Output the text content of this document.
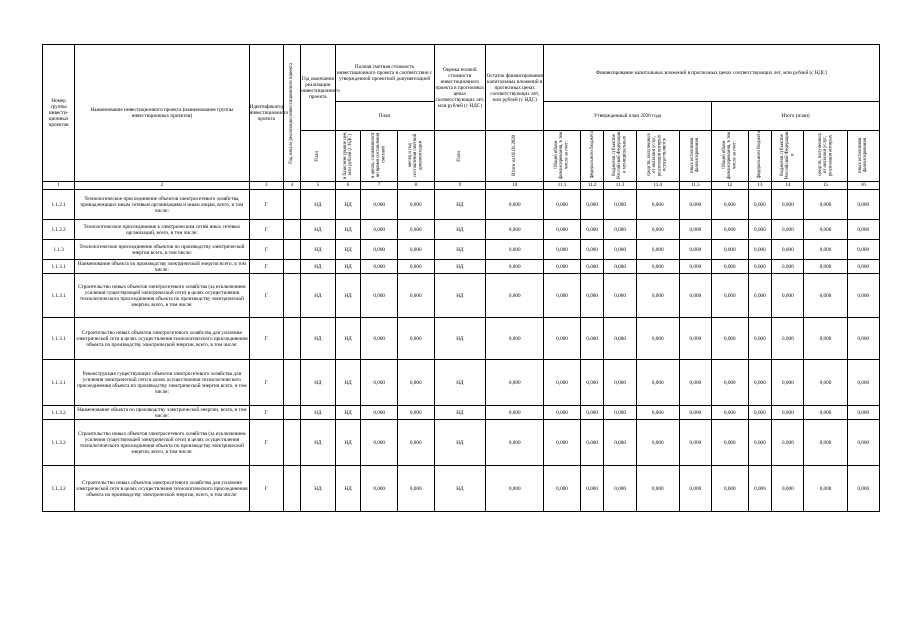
Номер группы инвести-ционных проектов	Наименование инвестиционного проекта (наименование группы инвестиционных проектов)	Идентификатор инвестиционного проекта	Год начала реализации инвестиционного проекта	Год окончания реализации инвестиционного проекта	Полная сметная стоимость инвестиционного проекта в соответствии с утвержденной проектной документацией			Оценка полной стоимости инвестиционного проекта в прогнозных ценах соответствующих лет, млн рублей (с НДС)	Остаток финансирования капитальных вложений в прогнозных ценах соответствующих лет, млн рублей (с НДС)	Финансирование капитальных вложений в прогнозных ценах соответствующих лет, млн рублей (с НДС)									
					План					Утвержденный план 2020 года					Итого (план)				

				План	в базисном уровне цен, млн рублей (с НДС)	в ценах, сложившихся во время составления сметной	месяц и год составления сметной документации	План	Итого на 01.01.2020	Общий объем финансирования, в том числе за счет:	федерального бюджета	бюджетов субъектов Российской Федерации и муниципальных	средств, полученных от оказания услуг, реализация которых осуществляется	иных источников финансирования	Общий объем финансирования, в том числе за счет:	федерального бюджета	бюджетов субъектов Российской Федерации и	средств, полученных от оказания услуг, реализация которых	иных источников финансирования
1	2	3	4	5	6	7	8	9	10	11.1	11.2	11.3	11.4	11.5	12	13	14	15	16
1.1.2.1	Технологическое присоединение объектов электросетевого хозяйства, принадлежащих иным сетевым организациям и иным лицам, всего, в том числе:	Г		НД	НД	0,000	0,000	НД	0,000	0,000	0,000	0,000	0,000	0,000	0,000	0,000	0,000	0,000	0,000
1.1.2.2	Технологическое присоединение к электрическим сетям иных сетевых организаций, всего, в том числе:	Г		НД	НД	0,000	0,000	НД	0,000	0,000	0,000	0,000	0,000	0,000	0,000	0,000	0,000	0,000	0,000
1.1.3	Технологическое присоединение объектов по производству электрической энергии всего, в том числе:	Г		НД	НД	0,000	0,000	НД	0,000	0,000	0,000	0,000	0,000	0,000	0,000	0,000	0,000	0,000	0,000
1.1.3.1	Наименование объекта по производству электрической энергии всего, в том числе:	Г		НД	НД	0,000	0,000	НД	0,000	0,000	0,000	0,000	0,000	0,000	0,000	0,000	0,000	0,000	0,000
1.1.3.1	Строительство новых объектов электросетевого хозяйства (за исключением усиления существующей электрической сети) в целях осуществления технологического присоединения объекта по производству электрической энергии, всего, в том числе:	Г		НД	НД	0,000	0,000	НД	0,000	0,000	0,000	0,000	0,000	0,000	0,000	0,000	0,000	0,000	0,000
1.1.3.1	Строительство новых объектов электросетевого хозяйства для усиления электрической сети в целях осуществления технологического присоединения объекта по производству электрической энергии, всего, в том числе:	Г		НД	НД	0,000	0,000	НД	0,000	0,000	0,000	0,000	0,000	0,000	0,000	0,000	0,000	0,000	0,000
1.1.3.1	Реконструкция существующих объектов электросетевого хозяйства для усиления электрической сети в целях осуществления технологического присоединения объекта по производству электрической энергии всего, в том числе:	Г		НД	НД	0,000	0,000	НД	0,000	0,000	0,000	0,000	0,000	0,000	0,000	0,000	0,000	0,000	0,000
1.1.3.2	Наименование объекта по производству электрической энергии, всего, в том числе:	Г		НД	НД	0,000	0,000	НД	0,000	0,000	0,000	0,000	0,000	0,000	0,000	0,000	0,000	0,000	0,000
1.1.3.2	Строительство новых объектов электросетевого хозяйства (за исключением усиления существующей электрической сети) в целях осуществления технологического присоединения объекта по производству электрической энергии, всего, в том числе:	Г		НД	НД	0,000	0,000	НД	0,000	0,000	0,000	0,000	0,000	0,000	0,000	0,000	0,000	0,000	0,000
1.1.3.2	Строительство новых объектов электросетевого хозяйства для усиления электрической сети в целях осуществления технологического присоединения объекта по производству электрической энергии, всего, в том числе:	Г		НД	НД	0,000	0,000	НД	0,000	0,000	0,000	0,000	0,000	0,000	0,000	0,000	0,000	0,000	0,000
